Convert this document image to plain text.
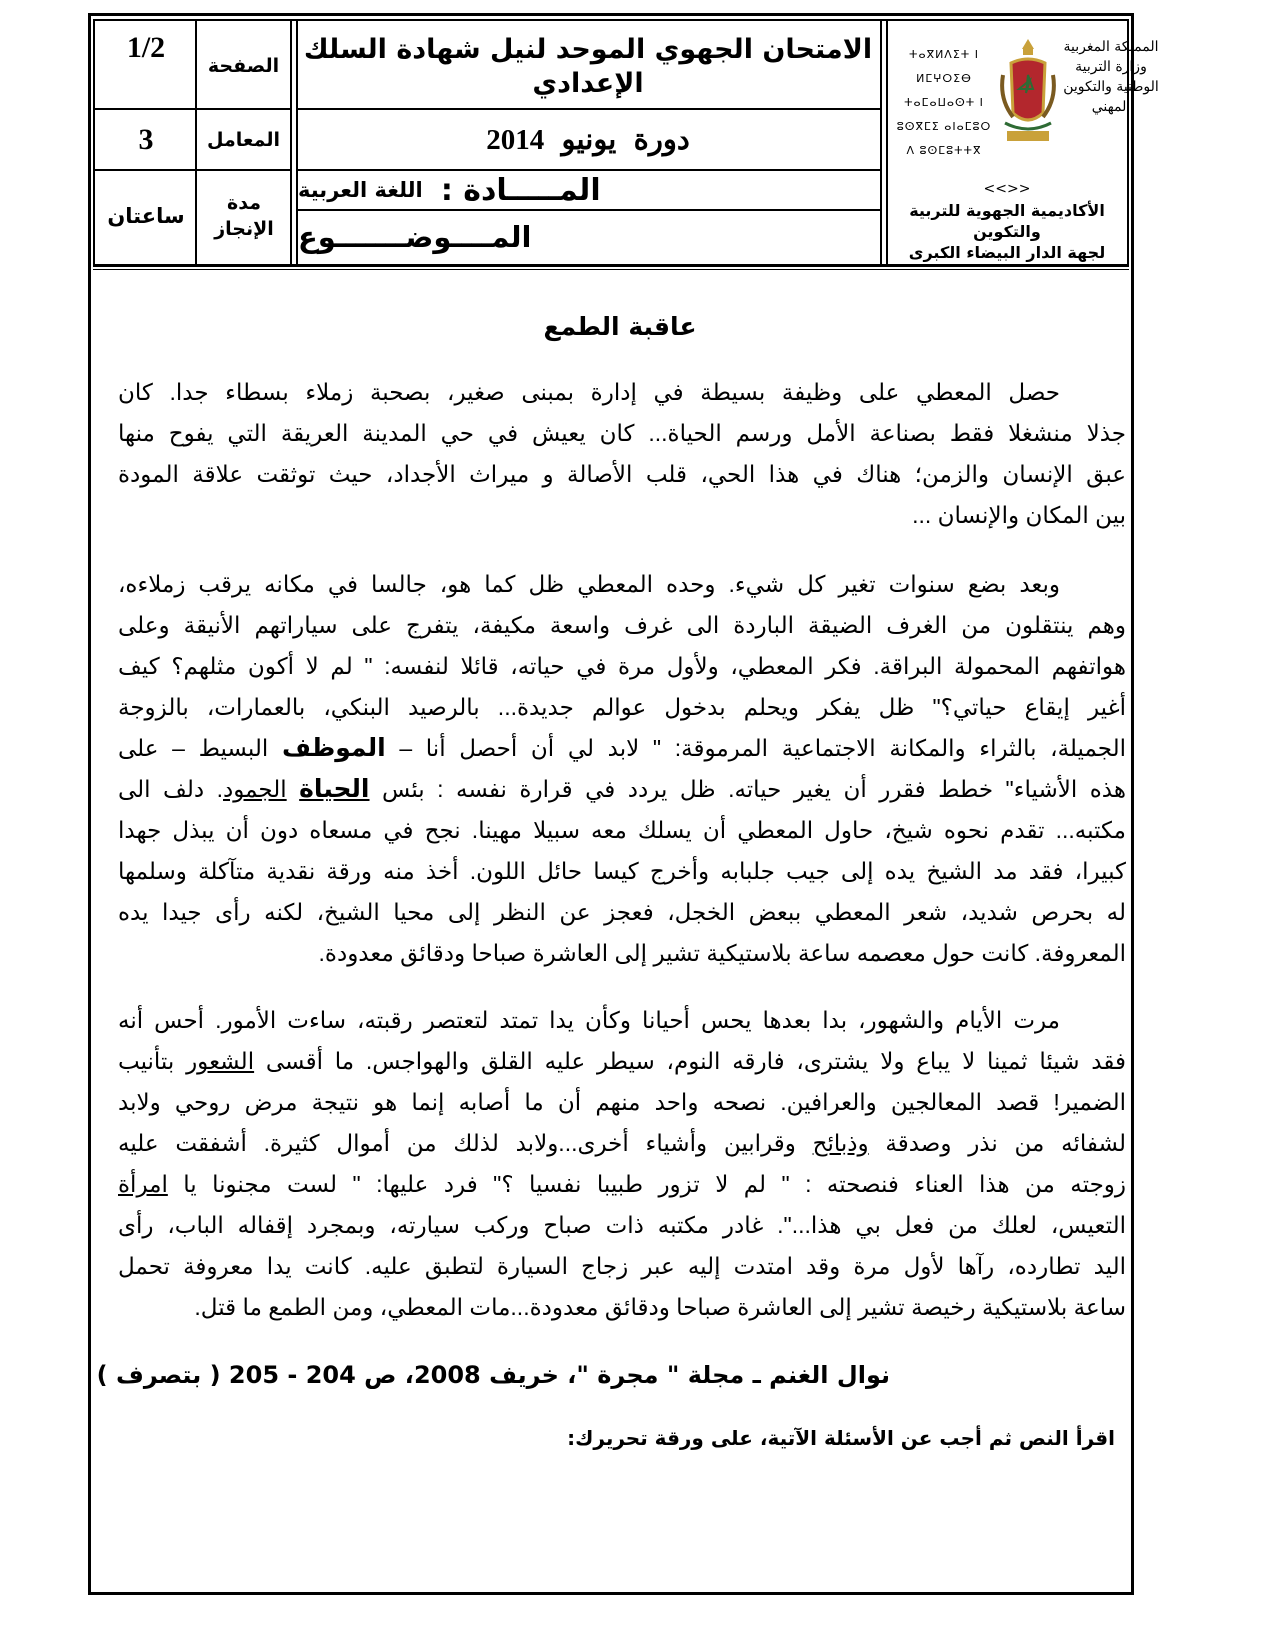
1/2
الصفحة
3	المعامل
ساعتان
مدة الإنجاز
الامتحان الجهوي الموحد لنيل شهادة السلك الإعدادي
دورة يونيو 2014
المـــــادة :

اللغة العربية
المــــوضـــــــوع
ⵜⴰⴳⵍⴷⵉⵜ ⵏ ⵍⵎⵖⵔⵉⴱ ⵜⴰⵎⴰⵡⴰⵙⵜ ⵏ ⵓⵙⴳⵎⵉ ⴰⵏⴰⵎⵓⵔ ⴷ ⵓⵙⵎⵓⵜⵜⴳ
المملكة المغربية وزارة التربية الوطنية والتكوين المهني
<<>>
الأكاديمية الجهوية للتربية والتكوين
لجهة الدار البيضاء الكبرى
عاقبة الطمع
حصل المعطي على وظيفة بسيطة في إدارة بمبنى صغير، بصحبة زملاء بسطاء جدا. كان
جذلا منشغلا فقط بصناعة الأمل ورسم الحياة... كان يعيش في حي المدينة العريقة التي يفوح منها
عبق الإنسان والزمن؛ هناك في هذا الحي، قلب الأصالة و ميراث الأجداد، حيث توثقت علاقة المودة
بين المكان والإنسان ...
وبعد بضع سنوات تغير كل شيء. وحده المعطي ظل كما هو، جالسا في مكانه يرقب زملاءه،
وهم ينتقلون من الغرف الضيقة الباردة الى غرف واسعة مكيفة، يتفرج على سياراتهم الأنيقة وعلى
هواتفهم المحمولة البراقة. فكر المعطي، ولأول مرة في حياته، قائلا لنفسه: " لم لا أكون مثلهم؟ كيف
أغير إيقاع حياتي؟" ظل يفكر ويحلم بدخول عوالم جديدة... بالرصيد البنكي، بالعمارات، بالزوجة
الجميلة، بالثراء والمكانة الاجتماعية المرموقة: " لابد لي أن أحصل أنا – الموظف البسيط – على
هذه الأشياء" خطط فقرر أن يغير حياته. ظل يردد في قرارة نفسه : بئس الحياة الجمود. دلف الى
مكتبه... تقدم نحوه شيخ، حاول المعطي أن يسلك معه سبيلا مهينا. نجح في مسعاه دون أن يبذل جهدا
كبيرا، فقد مد الشيخ يده إلى جيب جلبابه وأخرج كيسا حائل اللون. أخذ منه ورقة نقدية متآكلة وسلمها
له بحرص شديد، شعر المعطي ببعض الخجل، فعجز عن النظر إلى محيا الشيخ، لكنه رأى جيدا يده
المعروفة. كانت حول معصمه ساعة بلاستيكية تشير إلى العاشرة صباحا ودقائق معدودة.
مرت الأيام والشهور، بدا بعدها يحس أحيانا وكأن يدا تمتد لتعتصر رقبته، ساءت الأمور. أحس أنه
فقد شيئا ثمينا لا يباع ولا يشترى، فارقه النوم، سيطر عليه القلق والهواجس. ما أقسى الشعور بتأنيب
الضمير! قصد المعالجين والعرافين. نصحه واحد منهم أن ما أصابه إنما هو نتيجة مرض روحي ولابد
لشفائه من نذر وصدقة وذبائح وقرابين وأشياء أخرى...ولابد لذلك من أموال كثيرة. أشفقت عليه
زوجته من هذا العناء فنصحته : " لم لا تزور طبيبا نفسيا ؟" فرد عليها: " لست مجنونا يا امرأة
التعيس، لعلك من فعل بي هذا...". غادر مكتبه ذات صباح وركب سيارته، وبمجرد إقفاله الباب، رأى
اليد تطارده، رآها لأول مرة وقد امتدت إليه عبر زجاج السيارة لتطبق عليه. كانت يدا معروفة تحمل
ساعة بلاستيكية رخيصة تشير إلى العاشرة صباحا ودقائق معدودة...مات المعطي، ومن الطمع ما قتل.
نوال الغنم ـ مجلة " مجرة "، خريف 2008، ص 204 - 205 ( بتصرف )
اقرأ النص ثم أجب عن الأسئلة الآتية، على ورقة تحريرك:
